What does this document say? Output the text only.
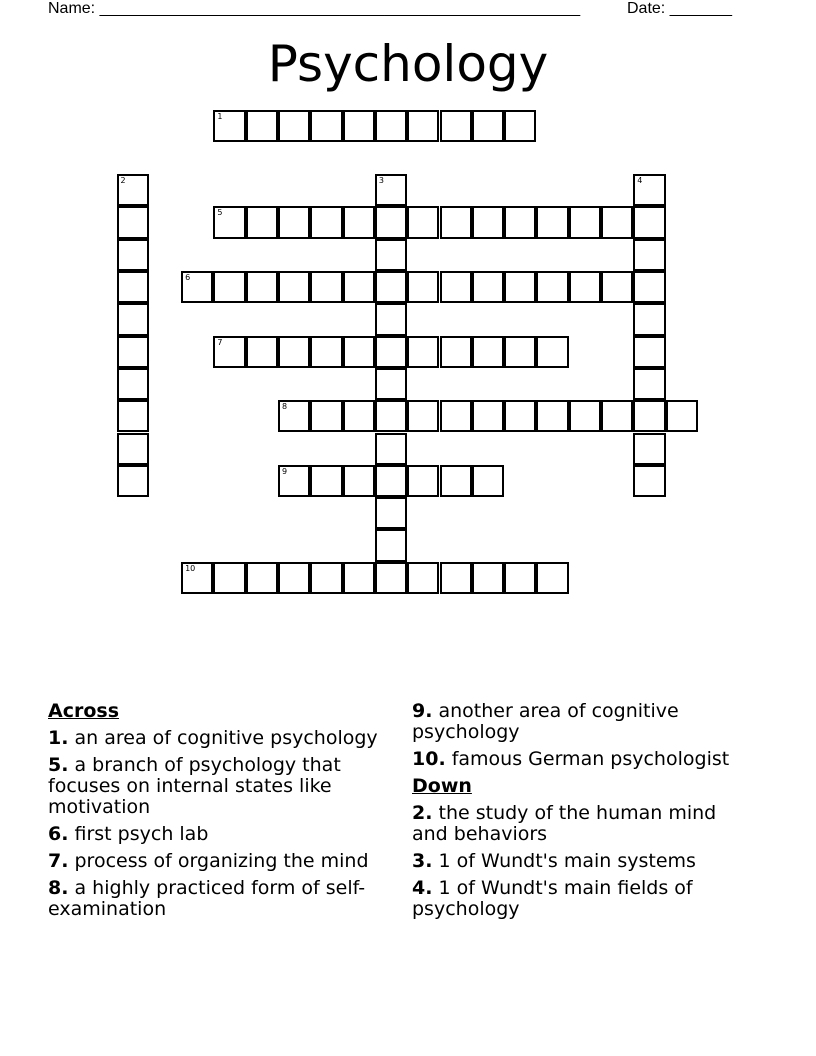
Name: ______________________________________________________	Date: _______
Psychology
1
2	3	4
5
6
7
8
9
10
Across
1. an area of cognitive psychology
5. a branch of psychology that focuses on internal states like motivation
6. first psych lab
7. process of organizing the mind
8. a highly practiced form of self-examination
9. another area of cognitive psychology
10. famous German psychologist
Down
2. the study of the human mind and behaviors
3. 1 of Wundt's main systems
4. 1 of Wundt's main fields of psychology
